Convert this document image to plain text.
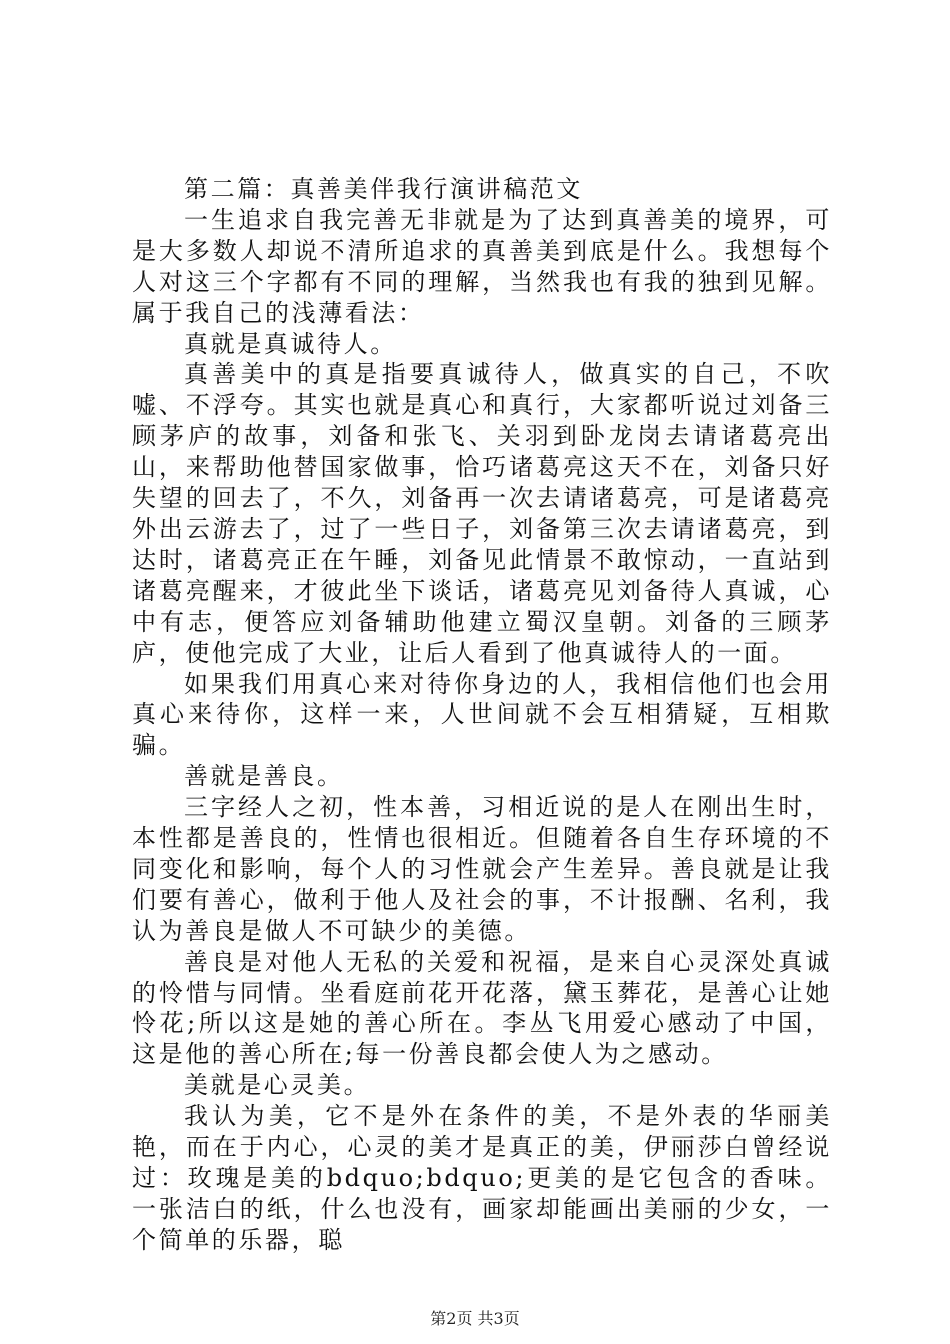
第二篇：真善美伴我行演讲稿范文

一生追求自我完善无非就是为了达到真善美的境界，可是大多数人却说不清所追求的真善美到底是什么。我想每个人对这三个字都有不同的理解，当然我也有我的独到见解。属于我自己的浅薄看法：

真就是真诚待人。

真善美中的真是指要真诚待人，做真实的自己，不吹嘘、不浮夸。其实也就是真心和真行，大家都听说过刘备三顾茅庐的故事，刘备和张飞、关羽到卧龙岗去请诸葛亮出山，来帮助他替国家做事，恰巧诸葛亮这天不在，刘备只好失望的回去了，不久，刘备再一次去请诸葛亮，可是诸葛亮外出云游去了，过了一些日子，刘备第三次去请诸葛亮，到达时，诸葛亮正在午睡，刘备见此情景不敢惊动，一直站到诸葛亮醒来，才彼此坐下谈话，诸葛亮见刘备待人真诚，心中有志，便答应刘备辅助他建立蜀汉皇朝。刘备的三顾茅庐，使他完成了大业，让后人看到了他真诚待人的一面。

如果我们用真心来对待你身边的人，我相信他们也会用真心来待你，这样一来，人世间就不会互相猜疑，互相欺骗。

善就是善良。

三字经人之初，性本善，习相近说的是人在刚出生时，本性都是善良的，性情也很相近。但随着各自生存环境的不同变化和影响，每个人的习性就会产生差异。善良就是让我们要有善心，做利于他人及社会的事，不计报酬、名利，我认为善良是做人不可缺少的美德。

善良是对他人无私的关爱和祝福，是来自心灵深处真诚的怜惜与同情。坐看庭前花开花落，黛玉葬花，是善心让她怜花;所以这是她的善心所在。李丛飞用爱心感动了中国，这是他的善心所在;每一份善良都会使人为之感动。

美就是心灵美。

我认为美，它不是外在条件的美，不是外表的华丽美艳，而在于内心，心灵的美才是真正的美，伊丽莎白曾经说过：玫瑰是美的bdquo;bdquo;更美的是它包含的香味。一张洁白的纸，什么也没有，画家却能画出美丽的少女，一个简单的乐器，聪

第2页 共3页
